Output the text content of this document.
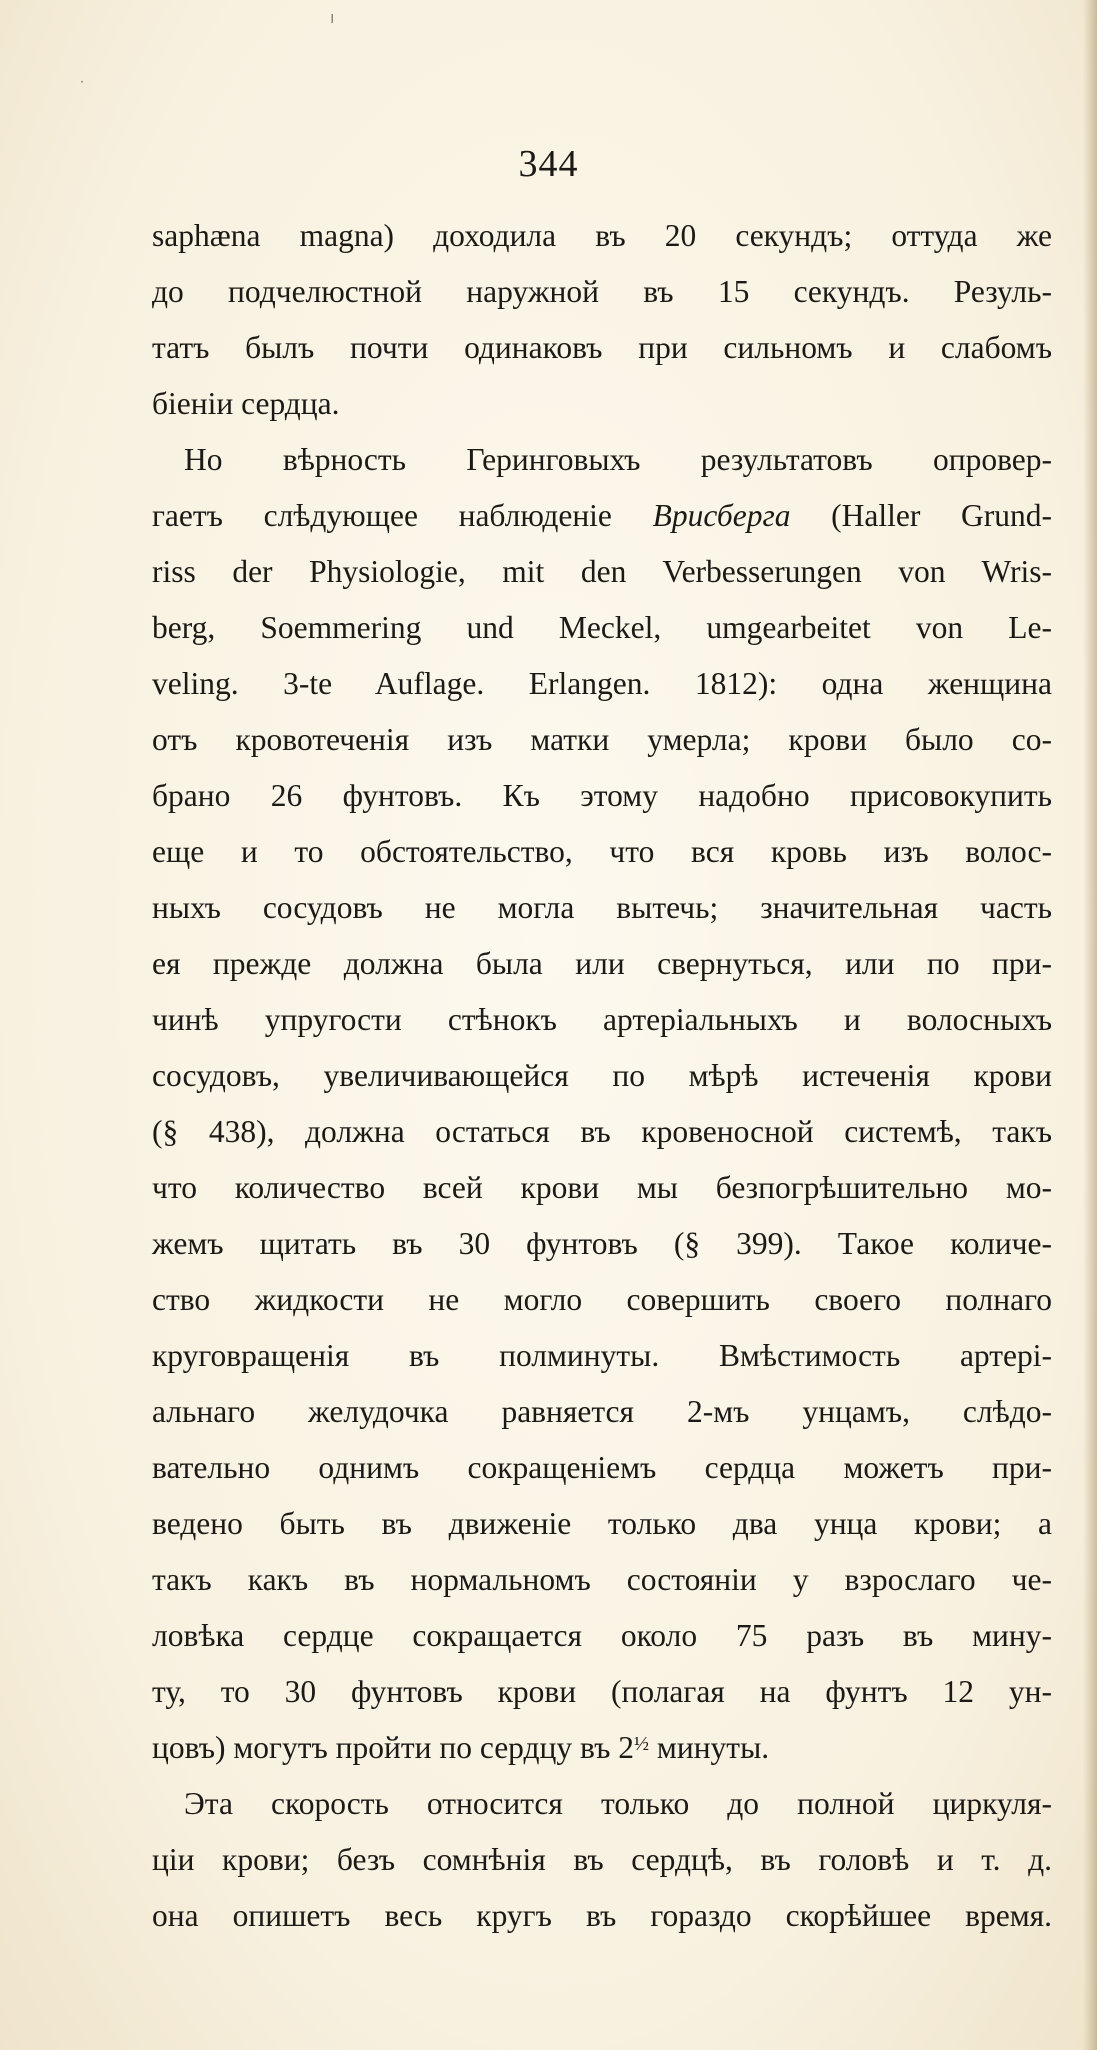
ı
˙
344
saphæna magna) доходила въ 20 секундъ; оттуда же
до подчелюстной наружной въ 15 секундъ. Резуль-
татъ былъ почти одинаковъ при сильномъ и слабомъ
біеніи сердца.
Но вѣрность Геринговыхъ результатовъ опровер-
гаетъ слѣдующее наблюденіе Врисберга (Haller Grund-
riss der Physiologie, mit den Verbesserungen von Wris-
berg, Soemmering und Meckel, umgearbeitet von Le-
veling. 3-te Auflage. Erlangen. 1812): одна женщина
отъ кровотеченія изъ матки умерла; крови было со-
брано 26 фунтовъ. Къ этому надобно присовокупить
еще и то обстоятельство, что вся кровь изъ волос-
ныхъ сосудовъ не могла вытечь; значительная часть
ея прежде должна была или свернуться, или по при-
чинѣ упругости стѣнокъ артеріальныхъ и волосныхъ
сосудовъ, увеличивающейся по мѣрѣ истеченія крови
(§ 438), должна остаться въ кровеносной системѣ, такъ
что количество всей крови мы безпогрѣшительно мо-
жемъ щитать въ 30 фунтовъ (§ 399). Такое количе-
ство жидкости не могло совершить своего полнаго
круговращенія въ полминуты. Вмѣстимость артері-
альнаго желудочка равняется 2-мъ унцамъ, слѣдо-
вательно однимъ сокращеніемъ сердца можетъ при-
ведено быть въ движеніе только два унца крови; а
такъ какъ въ нормальномъ состояніи у взрослаго че-
ловѣка сердце сокращается около 75 разъ въ мину-
ту, то 30 фунтовъ крови (полагая на фунтъ 12 ун-
цовъ) могутъ пройти по сердцу въ 2½ минуты.
Эта скорость относится только до полной циркуля-
ціи крови; безъ сомнѣнія въ сердцѣ, въ головѣ и т. д.
она опишетъ весь кругъ въ гораздо скорѣйшее время.
